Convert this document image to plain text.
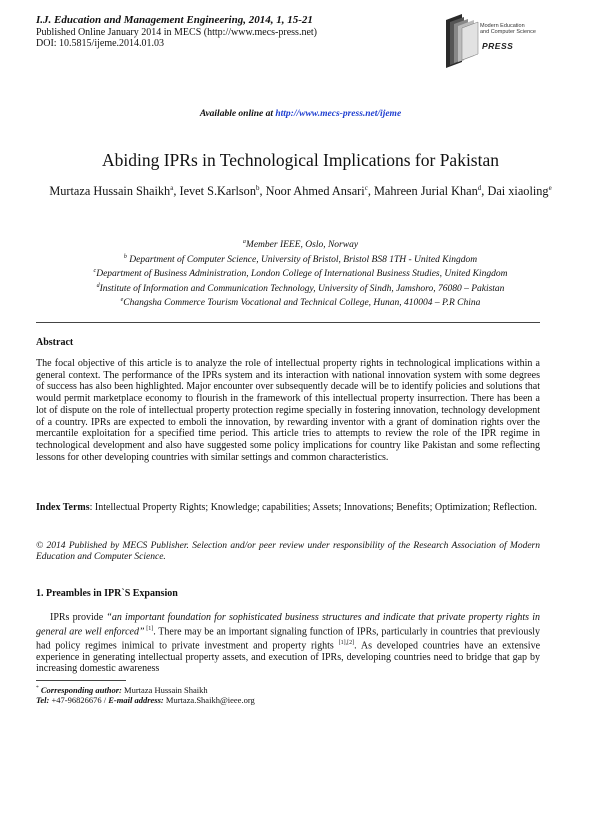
I.J. Education and Management Engineering, 2014, 1, 15-21
Published Online January 2014 in MECS (http://www.mecs-press.net)
DOI: 10.5815/ijeme.2014.01.03
Modern Education
and Computer Science
PRESS
Available online at http://www.mecs-press.net/ijeme
Abiding IPRs in Technological Implications for Pakistan
Murtaza Hussain Shaikh$^a$, Ievet S.Karlson$^b$, Noor Ahmed Ansari$^c$, Mahreen Jurial Khan$^d$, Dai xiaoling$^e$
$^a$Member IEEE, Oslo, Norway
$^b$ Department of Computer Science, University of Bristol, Bristol BS8 1TH - United Kingdom
$^c$Department of Business Administration, London College of International Business Studies, United Kingdom
$^d$Institute of Information and Communication Technology, University of Sindh, Jamshoro, 76080 – Pakistan
$^e$Changsha Commerce Tourism Vocational and Technical College, Hunan, 410004 – P.R China
Abstract
The focal objective of this article is to analyze the role of intellectual property rights in technological implications within a general context. The performance of the IPRs system and its interaction with national innovation system with some degrees of success has also been highlighted. Major encounter over subsequently decade will be to identify policies and solutions that would permit marketplace economy to flourish in the framework of this intellectual property insurrection. There has been a lot of dispute on the role of intellectual property protection regime specially in fostering innovation, technology development of a country. IPRs are expected to emboli the innovation, by rewarding inventor with a grant of domination rights over the mercantile exploitation for a specified time period. This article tries to attempts to review the role of the IPR regime in technological development and also have suggested some policy implications for country like Pakistan and some reflecting lessons for other developing countries with similar settings and common characteristics.
Index Terms: Intellectual Property Rights; Knowledge; capabilities; Assets; Innovations; Benefits; Optimization; Reflection.
© 2014 Published by MECS Publisher. Selection and/or peer review under responsibility of the Research Association of Modern Education and Computer Science.
1. Preambles in IPR`S Expansion
IPRs provide “an important foundation for sophisticated business structures and indicate that private property rights in general are well enforced” [1]. There may be an important signaling function of IPRs, particularly in countries that previously had policy regimes inimical to private investment and property rights [1],[2]. As developed countries have an extensive experience in generating intellectual property assets, and execution of IPRs, developing countries need to bridge that gap by increasing domestic awareness
* Corresponding author: Murtaza Hussain Shaikh
Tel: +47-96826676 / E-mail address: Murtaza.Shaikh@ieee.org
